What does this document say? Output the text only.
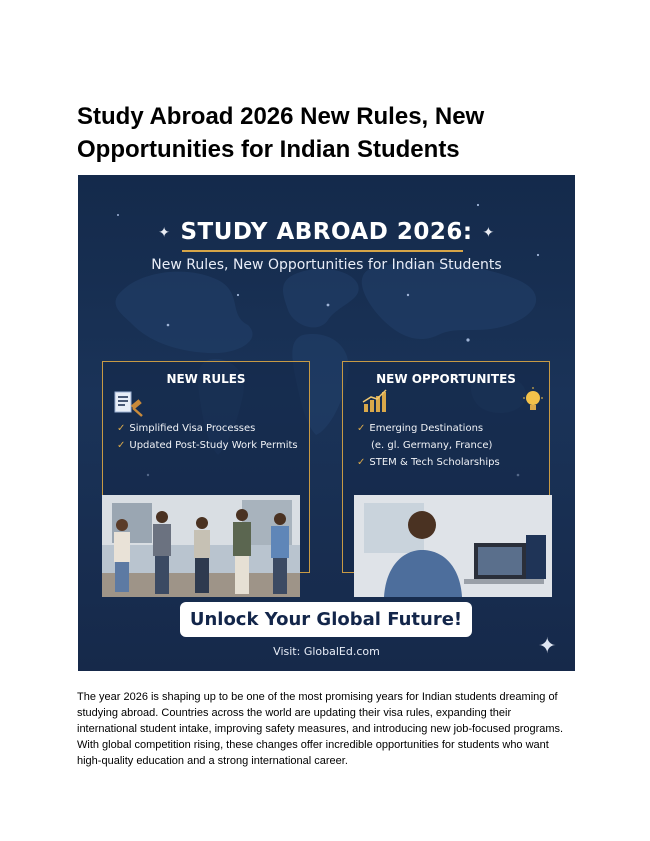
Study Abroad 2026 New Rules, New Opportunities for Indian Students
✦ STUDY ABROAD 2026: ✦
New Rules, New Opportunities for Indian Students
NEW RULES
✓ Simplified Visa Processes
✓ Updated Post-Study Work Permits
NEW OPPORTUNITES
✓ Emerging Destinations
(e. gl. Germany, France)
✓ STEM & Tech Scholarships
Unlock Your Global Future!
Visit: GlobalEd.com	✦

The year 2026 is shaping up to be one of the most promising years for Indian students dreaming of studying abroad. Countries across the world are updating their visa rules, expanding their international student intake, improving safety measures, and introducing new job-focused programs. With global competition rising, these changes offer incredible opportunities for students who want high-quality education and a strong international career.
